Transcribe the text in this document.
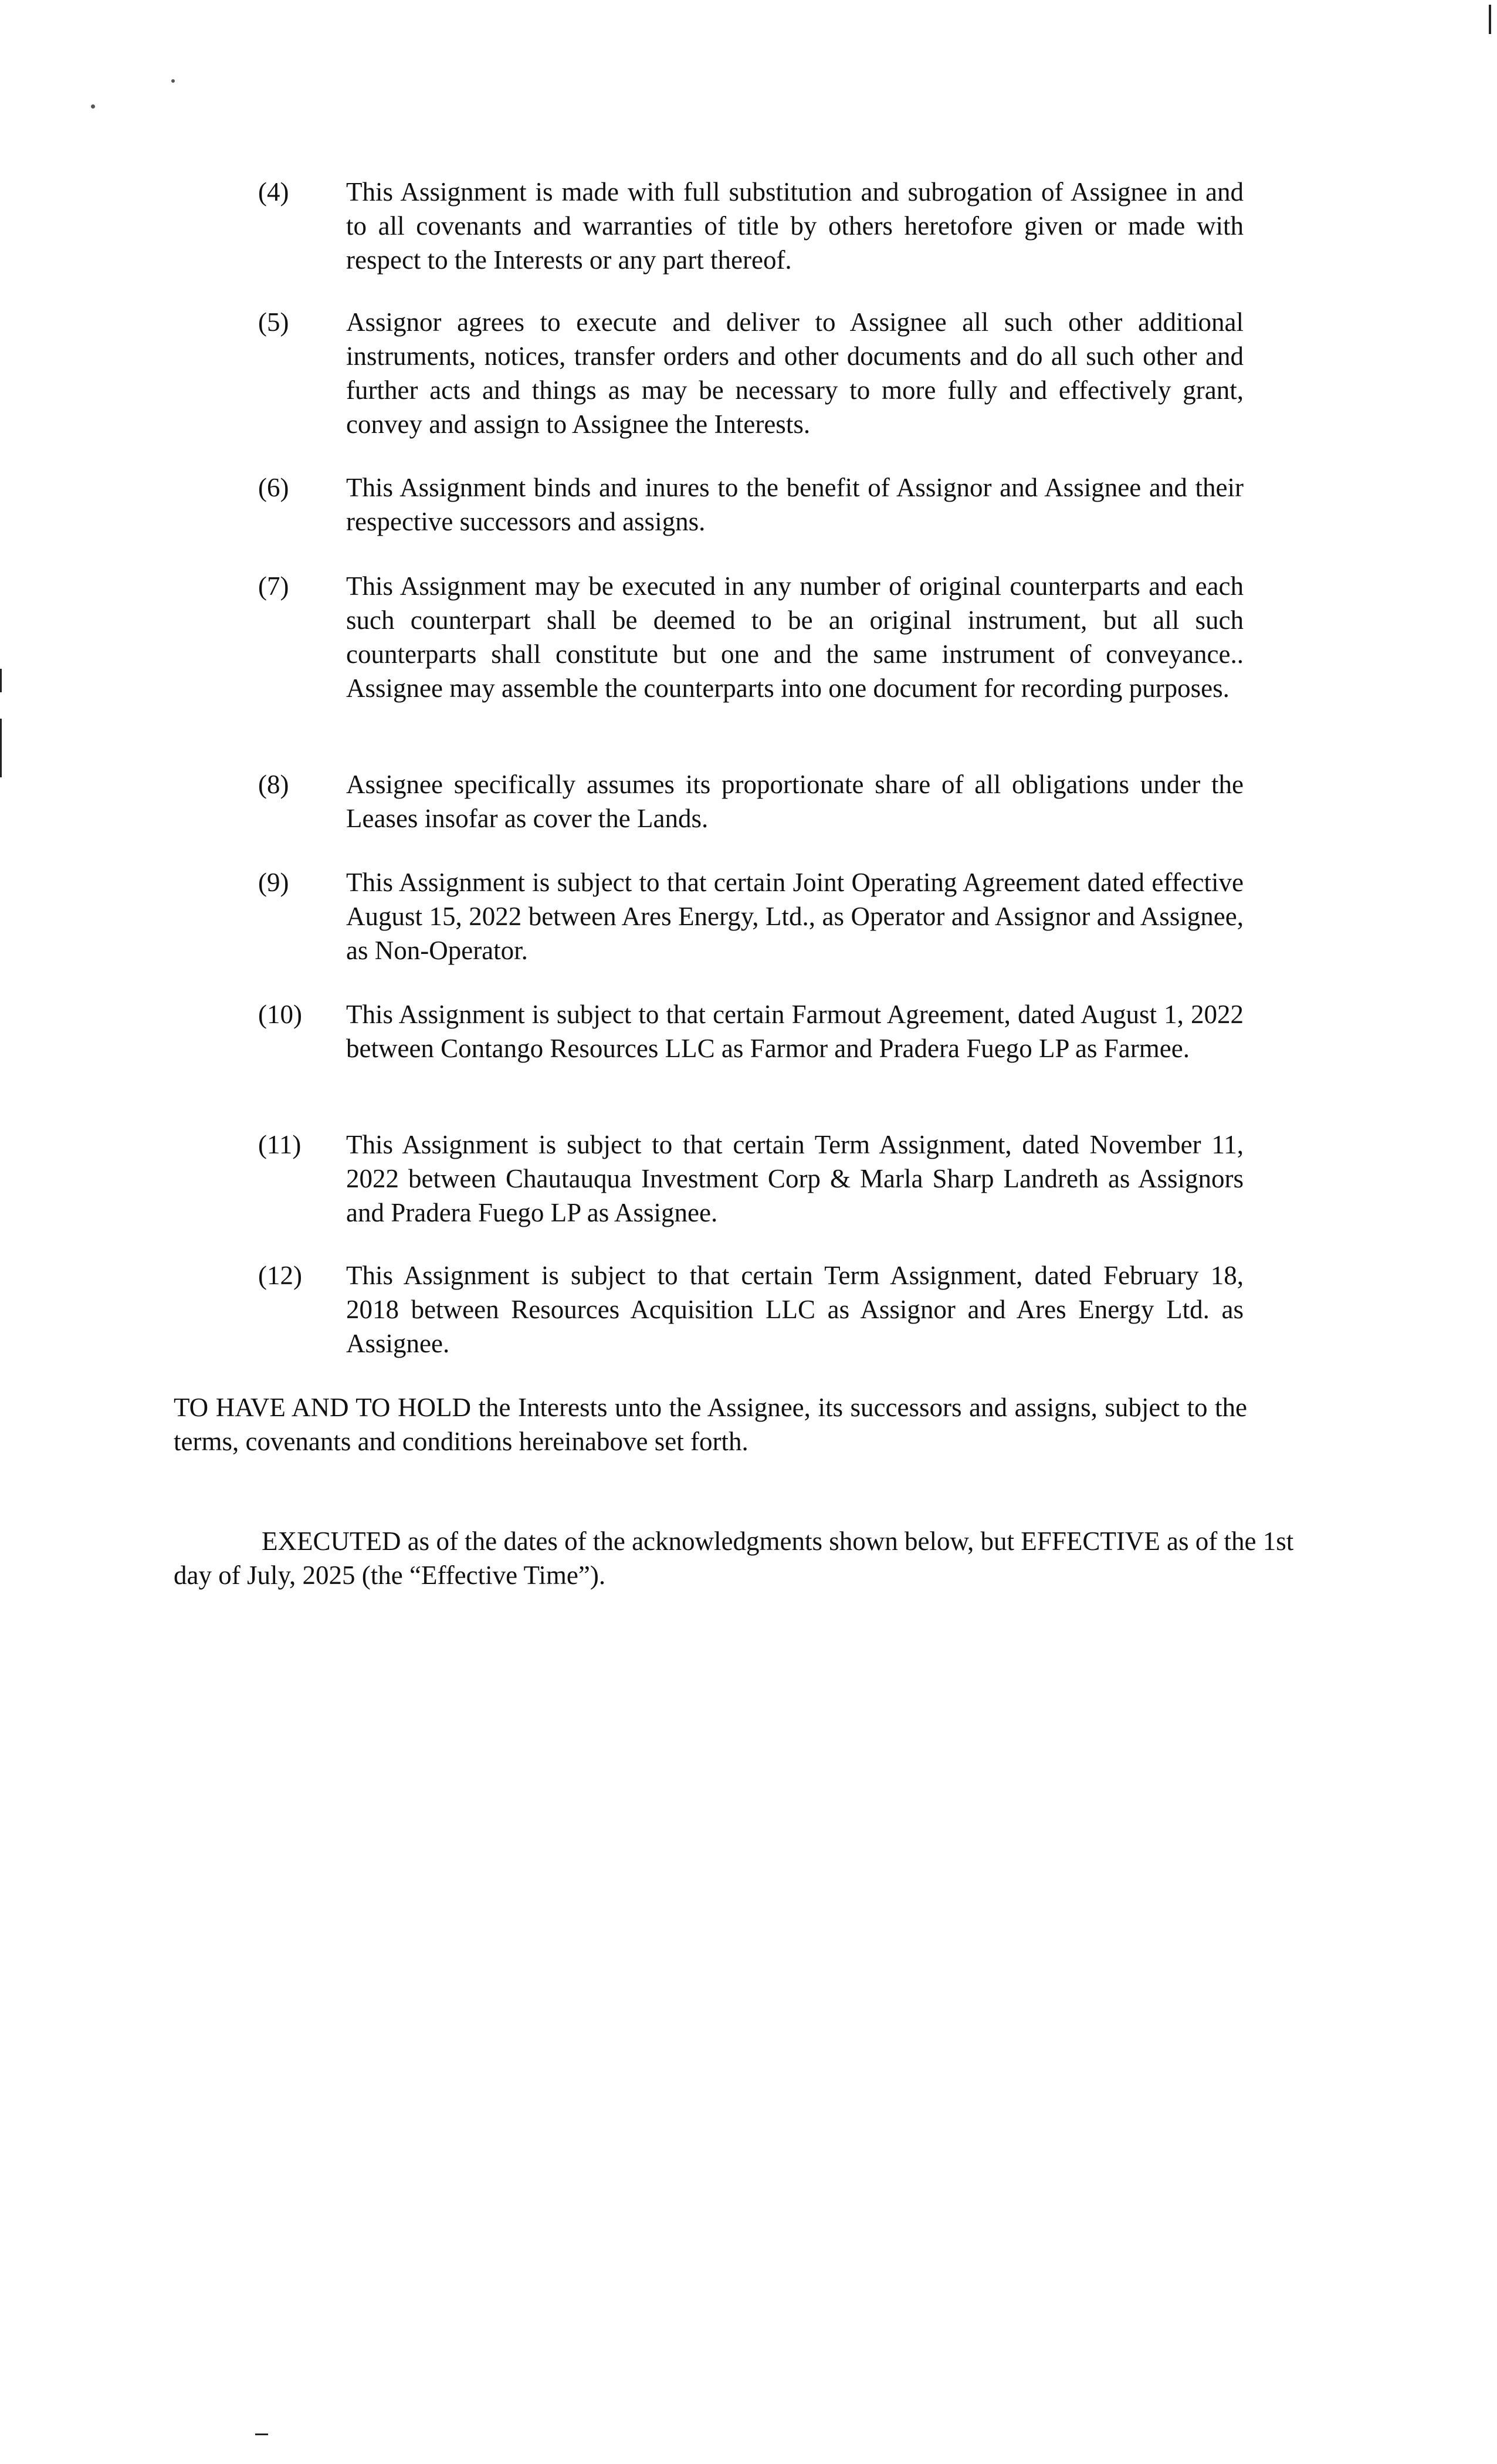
(4) This Assignment is made with full substitution and subrogation of Assignee in and to all covenants and warranties of title by others heretofore given or made with respect to the Interests or any part thereof.
(5) Assignor agrees to execute and deliver to Assignee all such other additional instruments, notices, transfer orders and other documents and do all such other and further acts and things as may be necessary to more fully and effectively grant, convey and assign to Assignee the Interests.
(6) This Assignment binds and inures to the benefit of Assignor and Assignee and their respective successors and assigns.
(7) This Assignment may be executed in any number of original counterparts and each such counterpart shall be deemed to be an original instrument, but all such counterparts shall constitute but one and the same instrument of conveyance.. Assignee may assemble the counterparts into one document for recording purposes.
(8) Assignee specifically assumes its proportionate share of all obligations under the Leases insofar as cover the Lands.
(9) This Assignment is subject to that certain Joint Operating Agreement dated effective August 15, 2022 between Ares Energy, Ltd., as Operator and Assignor and Assignee, as Non-Operator.
(10) This Assignment is subject to that certain Farmout Agreement, dated August 1, 2022 between Contango Resources LLC as Farmor and Pradera Fuego LP as Farmee.
(11) This Assignment is subject to that certain Term Assignment, dated November 11, 2022 between Chautauqua Investment Corp & Marla Sharp Landreth as Assignors and Pradera Fuego LP as Assignee.
(12) This Assignment is subject to that certain Term Assignment, dated February 18, 2018 between Resources Acquisition LLC as Assignor and Ares Energy Ltd. as Assignee.
TO HAVE AND TO HOLD the Interests unto the Assignee, its successors and assigns, subject to the terms, covenants and conditions hereinabove set forth.
EXECUTED as of the dates of the acknowledgments shown below, but EFFECTIVE as of the 1st day of July, 2025 (the “Effective Time”).
